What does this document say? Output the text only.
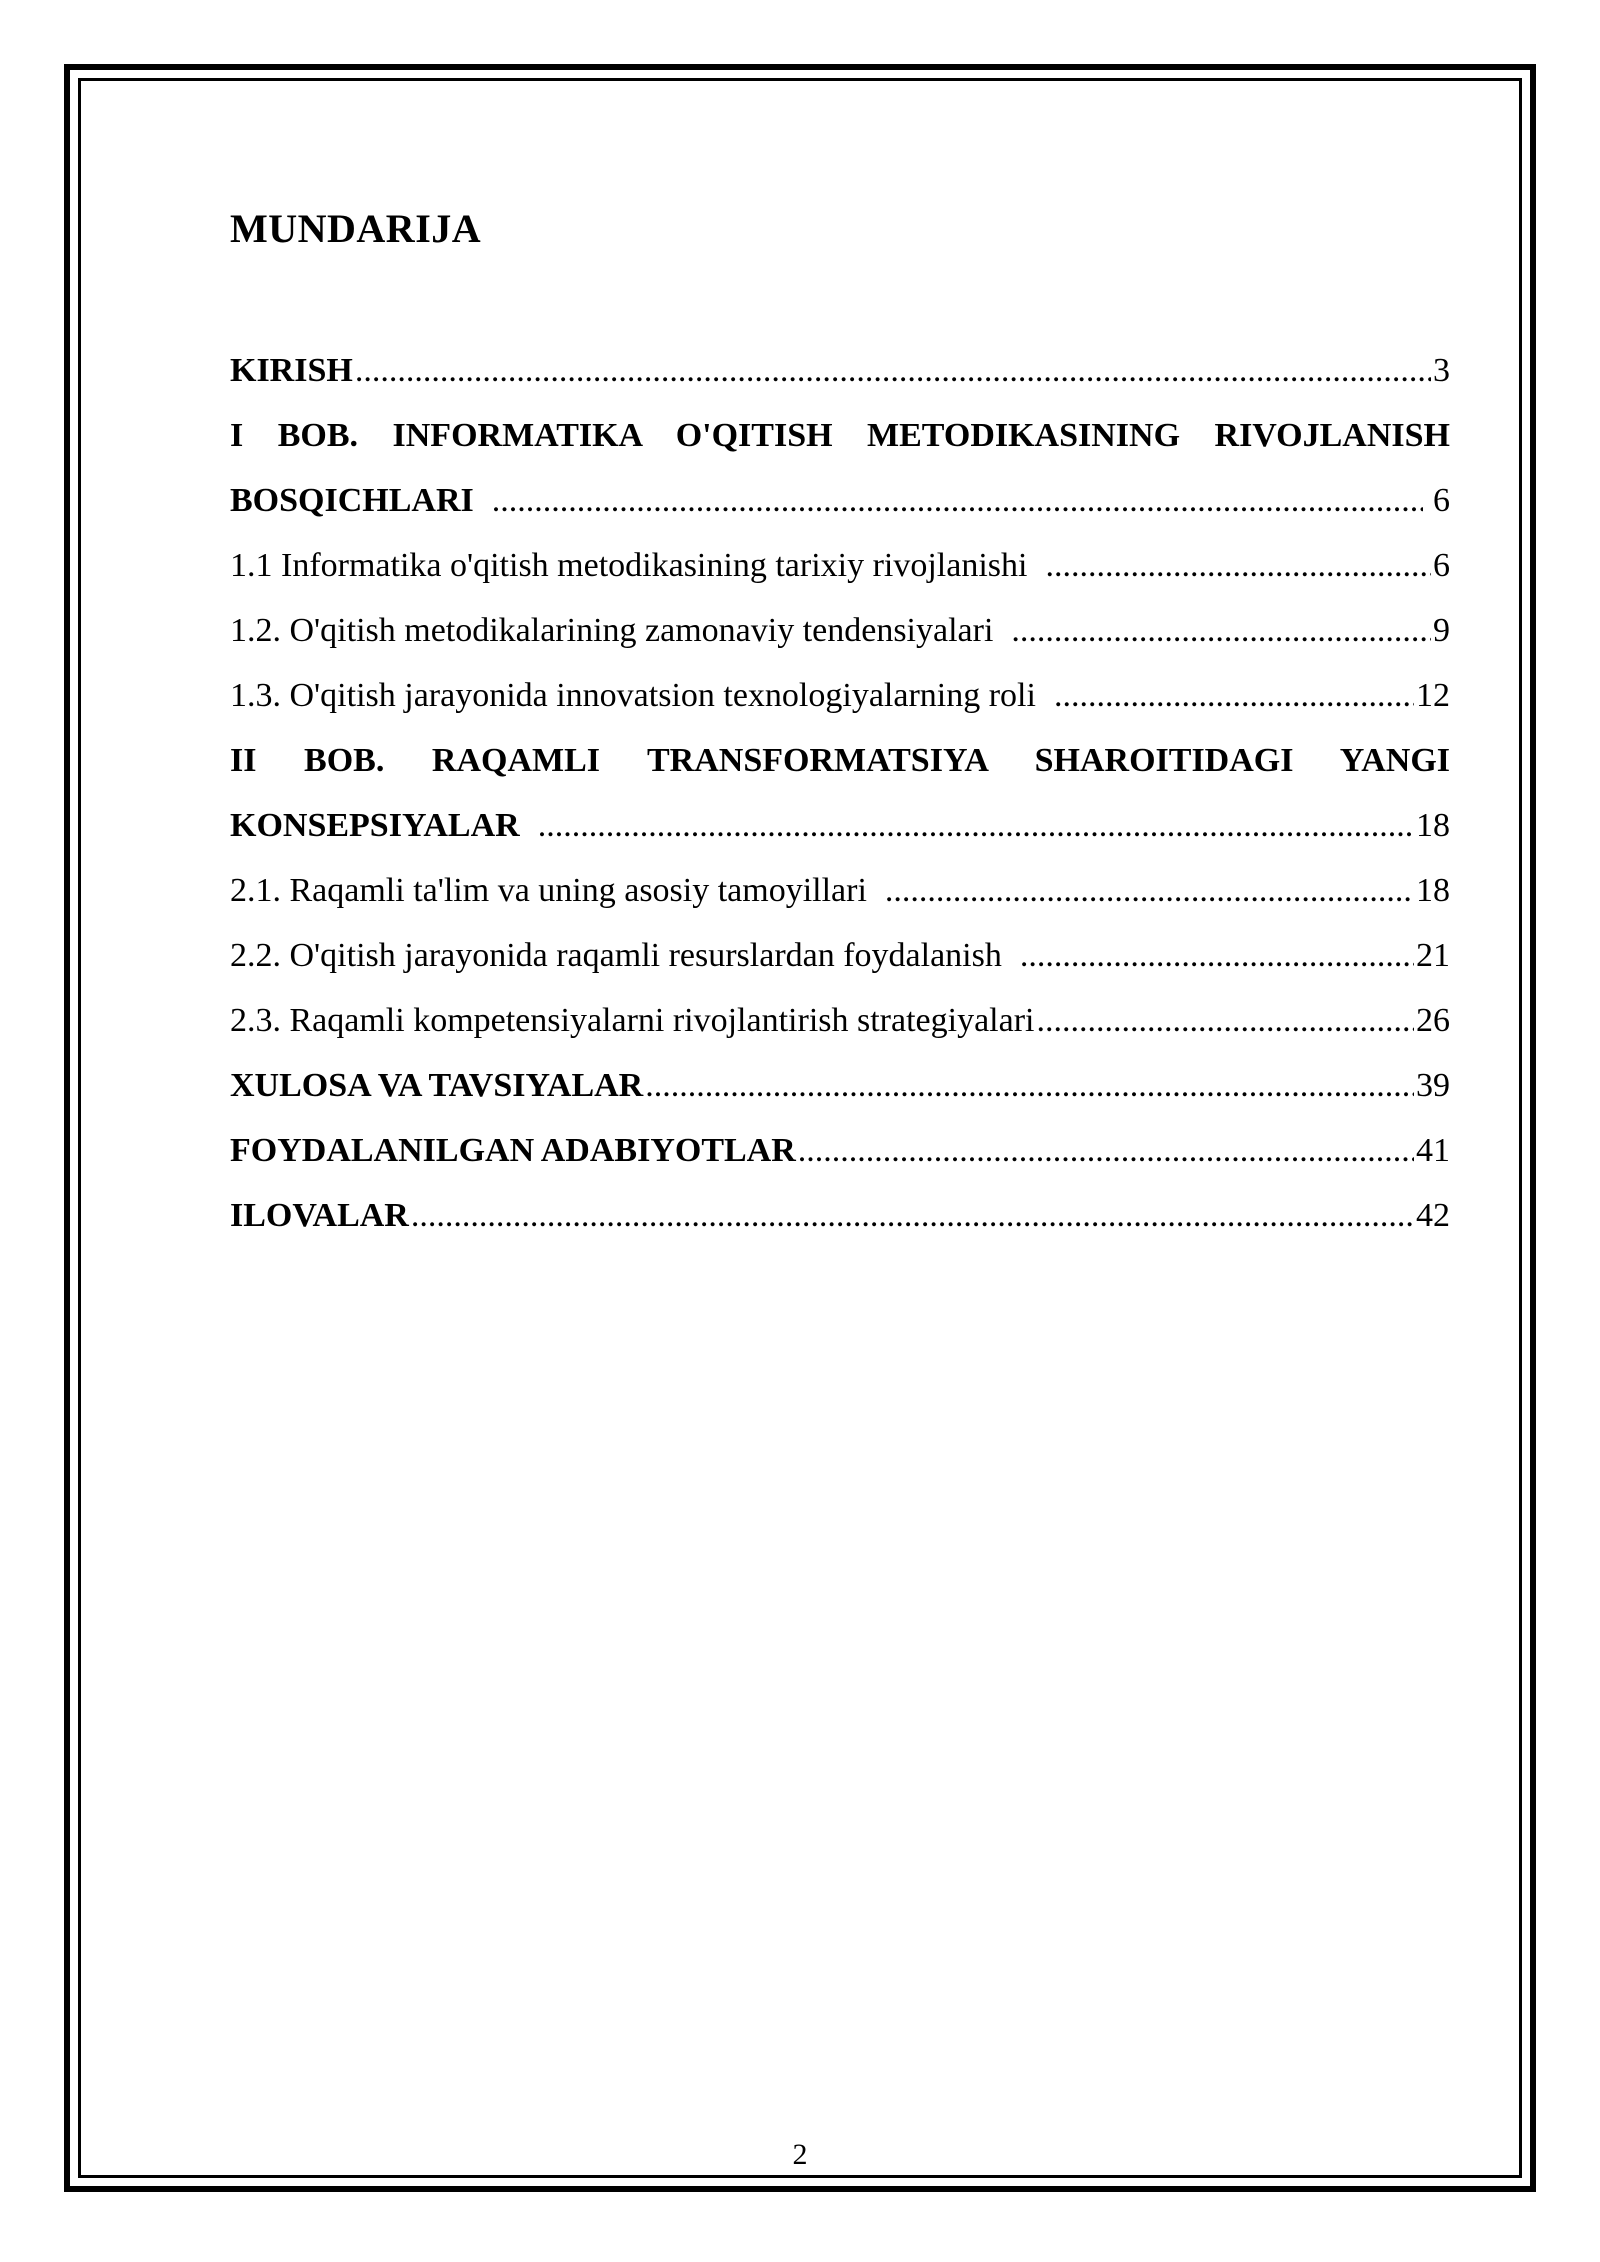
MUNDARIJA
KIRISH .....	3
I BOB. INFORMATIKA O'QITISH METODIKASINING RIVOJLANISH
BOSQICHLARI .....	6
1.1 Informatika o'qitish metodikasining tarixiy rivojlanishi .....	6
1.2. O'qitish metodikalarining zamonaviy tendensiyalari .....	9
1.3. O'qitish jarayonida innovatsion texnologiyalarning roli .....	12
II BOB. RAQAMLI TRANSFORMATSIYA SHAROITIDAGI YANGI
KONSEPSIYALAR .....	18
2.1. Raqamli ta'lim va uning asosiy tamoyillari .....	18
2.2. O'qitish jarayonida raqamli resurslardan foydalanish .....	21
2.3. Raqamli kompetensiyalarni rivojlantirish strategiyalari .....	26
XULOSA VA TAVSIYALAR .....	39
FOYDALANILGAN ADABIYOTLAR .....	41
ILOVALAR .....	42
2
